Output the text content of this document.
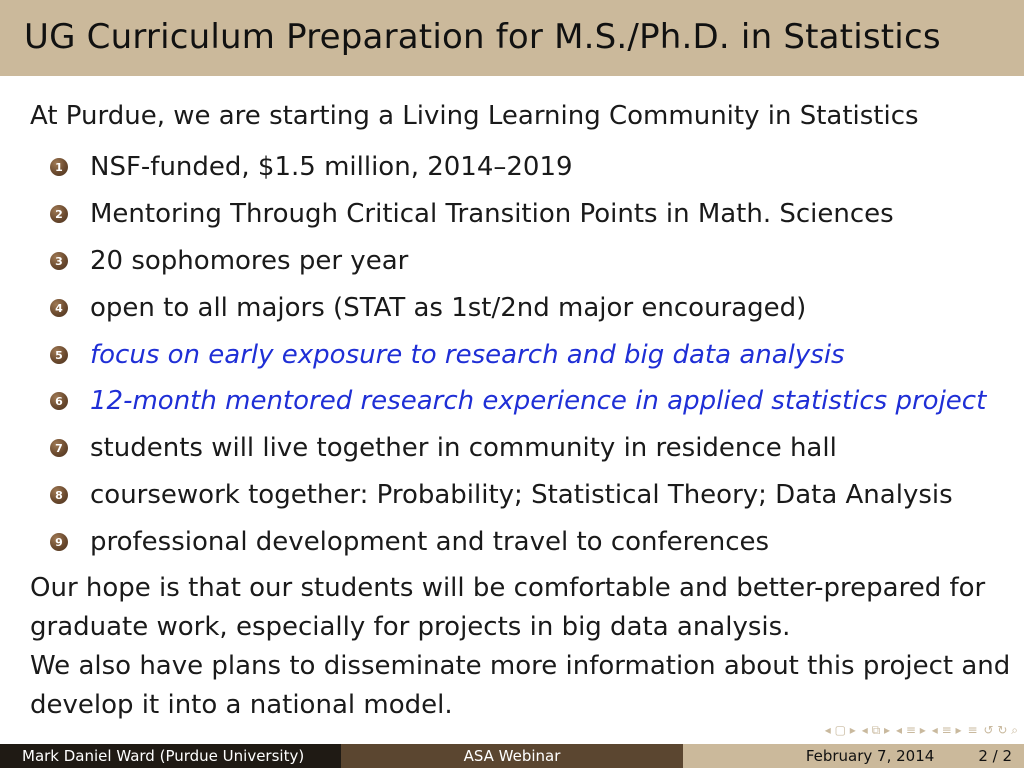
UG Curriculum Preparation for M.S./Ph.D. in Statistics
At Purdue, we are starting a Living Learning Community in Statistics
1 NSF-funded, $1.5 million, 2014–2019
2 Mentoring Through Critical Transition Points in Math. Sciences
3 20 sophomores per year
4 open to all majors (STAT as 1st/2nd major encouraged)
5 focus on early exposure to research and big data analysis
6 12-month mentored research experience in applied statistics project
7 students will live together in community in residence hall
8 coursework together: Probability; Statistical Theory; Data Analysis
9 professional development and travel to conferences
Our hope is that our students will be comfortable and better-prepared for graduate work, especially for projects in big data analysis.
We also have plans to disseminate more information about this project and develop it into a national model.
◂ ▢ ▸ ◂ ⧉ ▸ ◂ ≡ ▸ ◂ ≡ ▸ ≡ ↺ ↻ ⌕
Mark Daniel Ward (Purdue University)	ASA Webinar	February 7, 2014	2 / 2
